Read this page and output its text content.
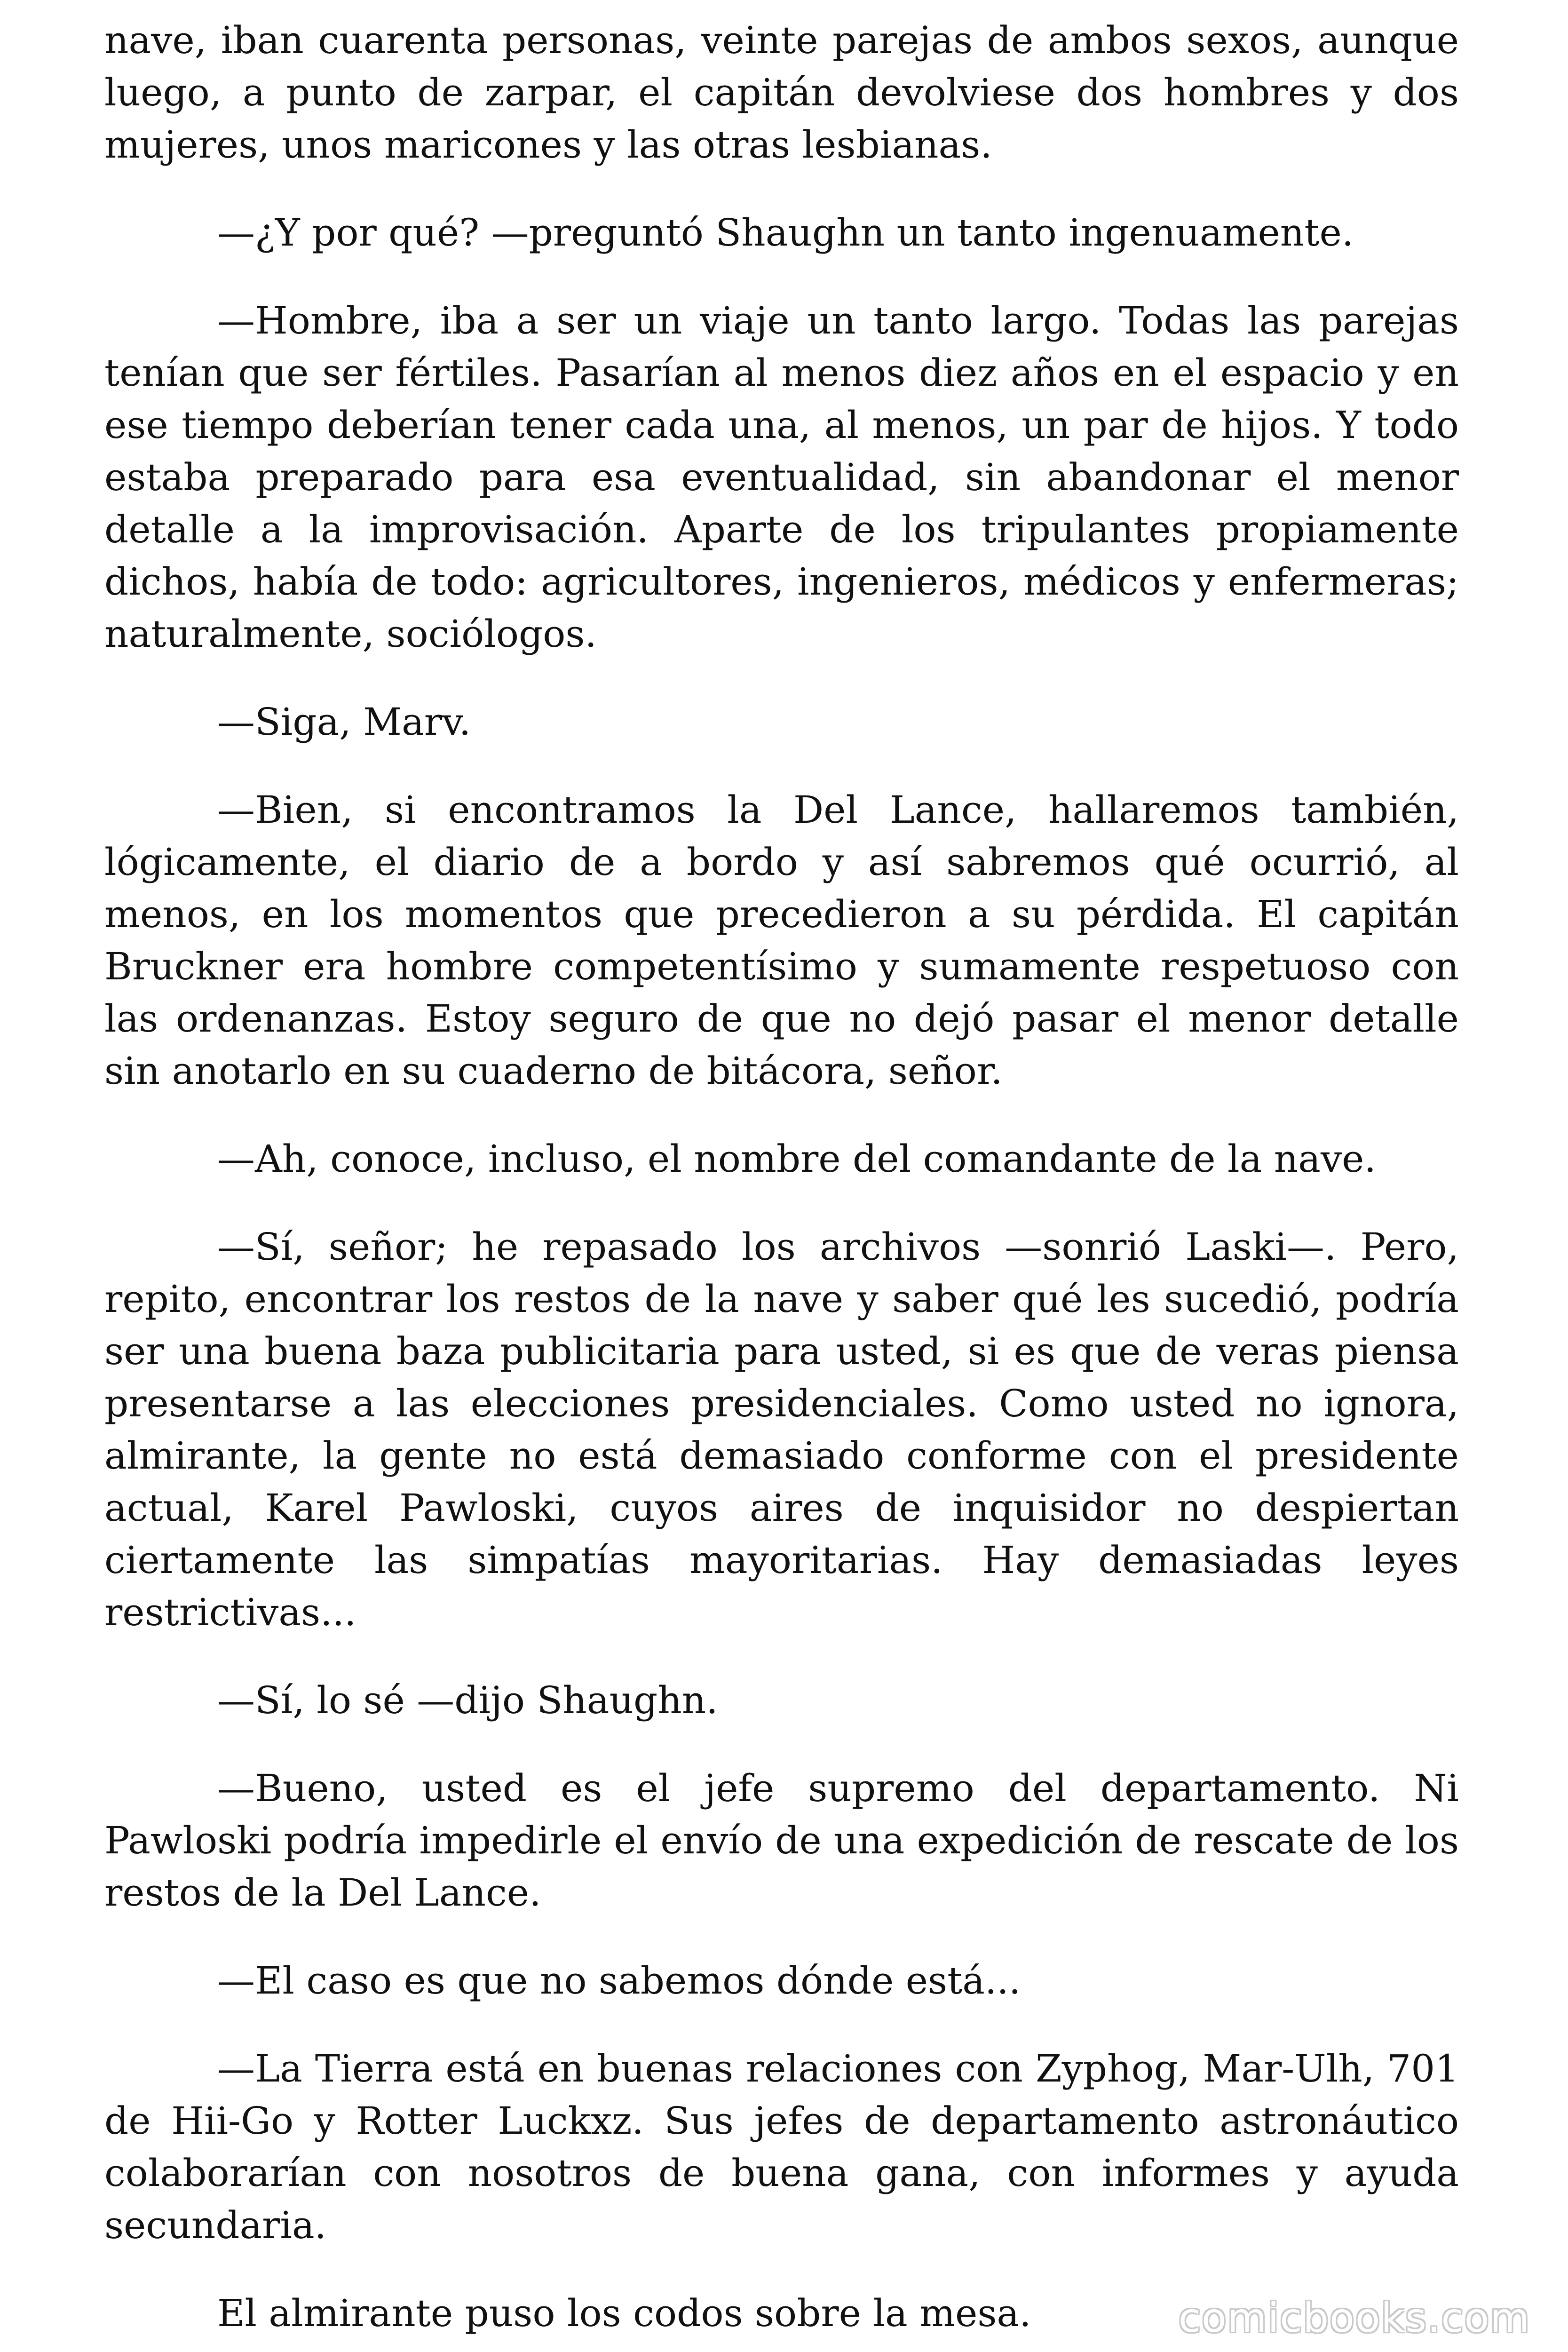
nave, iban cuarenta personas, veinte parejas de ambos sexos, aunque luego, a punto de zarpar, el capitán devolviese dos hombres y dos mujeres, unos maricones y las otras lesbianas.

—¿Y por qué? —preguntó Shaughn un tanto ingenuamente.

—Hombre, iba a ser un viaje un tanto largo. Todas las parejas tenían que ser fértiles. Pasarían al menos diez años en el espacio y en ese tiempo deberían tener cada una, al menos, un par de hijos. Y todo estaba preparado para esa eventualidad, sin abandonar el menor detalle a la improvisación. Aparte de los tripulantes propiamente dichos, había de todo: agricultores, ingenieros, médicos y enfermeras; naturalmente, sociólogos.

—Siga, Marv.

—Bien, si encontramos la Del Lance, hallaremos también, lógicamente, el diario de a bordo y así sabremos qué ocurrió, al menos, en los momentos que precedieron a su pérdida. El capitán Bruckner era hombre competentísimo y sumamente respetuoso con las ordenanzas. Estoy seguro de que no dejó pasar el menor detalle sin anotarlo en su cuaderno de bitácora, señor.

—Ah, conoce, incluso, el nombre del comandante de la nave.

—Sí, señor; he repasado los archivos —sonrió Laski—. Pero, repito, encontrar los restos de la nave y saber qué les sucedió, podría ser una buena baza publicitaria para usted, si es que de veras piensa presentarse a las elecciones presidenciales. Como usted no ignora, almirante, la gente no está demasiado conforme con el presidente actual, Karel Pawloski, cuyos aires de inquisidor no despiertan ciertamente las simpatías mayoritarias. Hay demasiadas leyes restrictivas...

—Sí, lo sé —dijo Shaughn.

—Bueno, usted es el jefe supremo del departamento. Ni Pawloski podría impedirle el envío de una expedición de rescate de los restos de la Del Lance.

—El caso es que no sabemos dónde está...

—La Tierra está en buenas relaciones con Zyphog, Mar-Ulh, 701 de Hii-Go y Rotter Luckxz. Sus jefes de departamento astronáutico colaborarían con nosotros de buena gana, con informes y ayuda secundaria.

El almirante puso los codos sobre la mesa.	comicbooks.com
